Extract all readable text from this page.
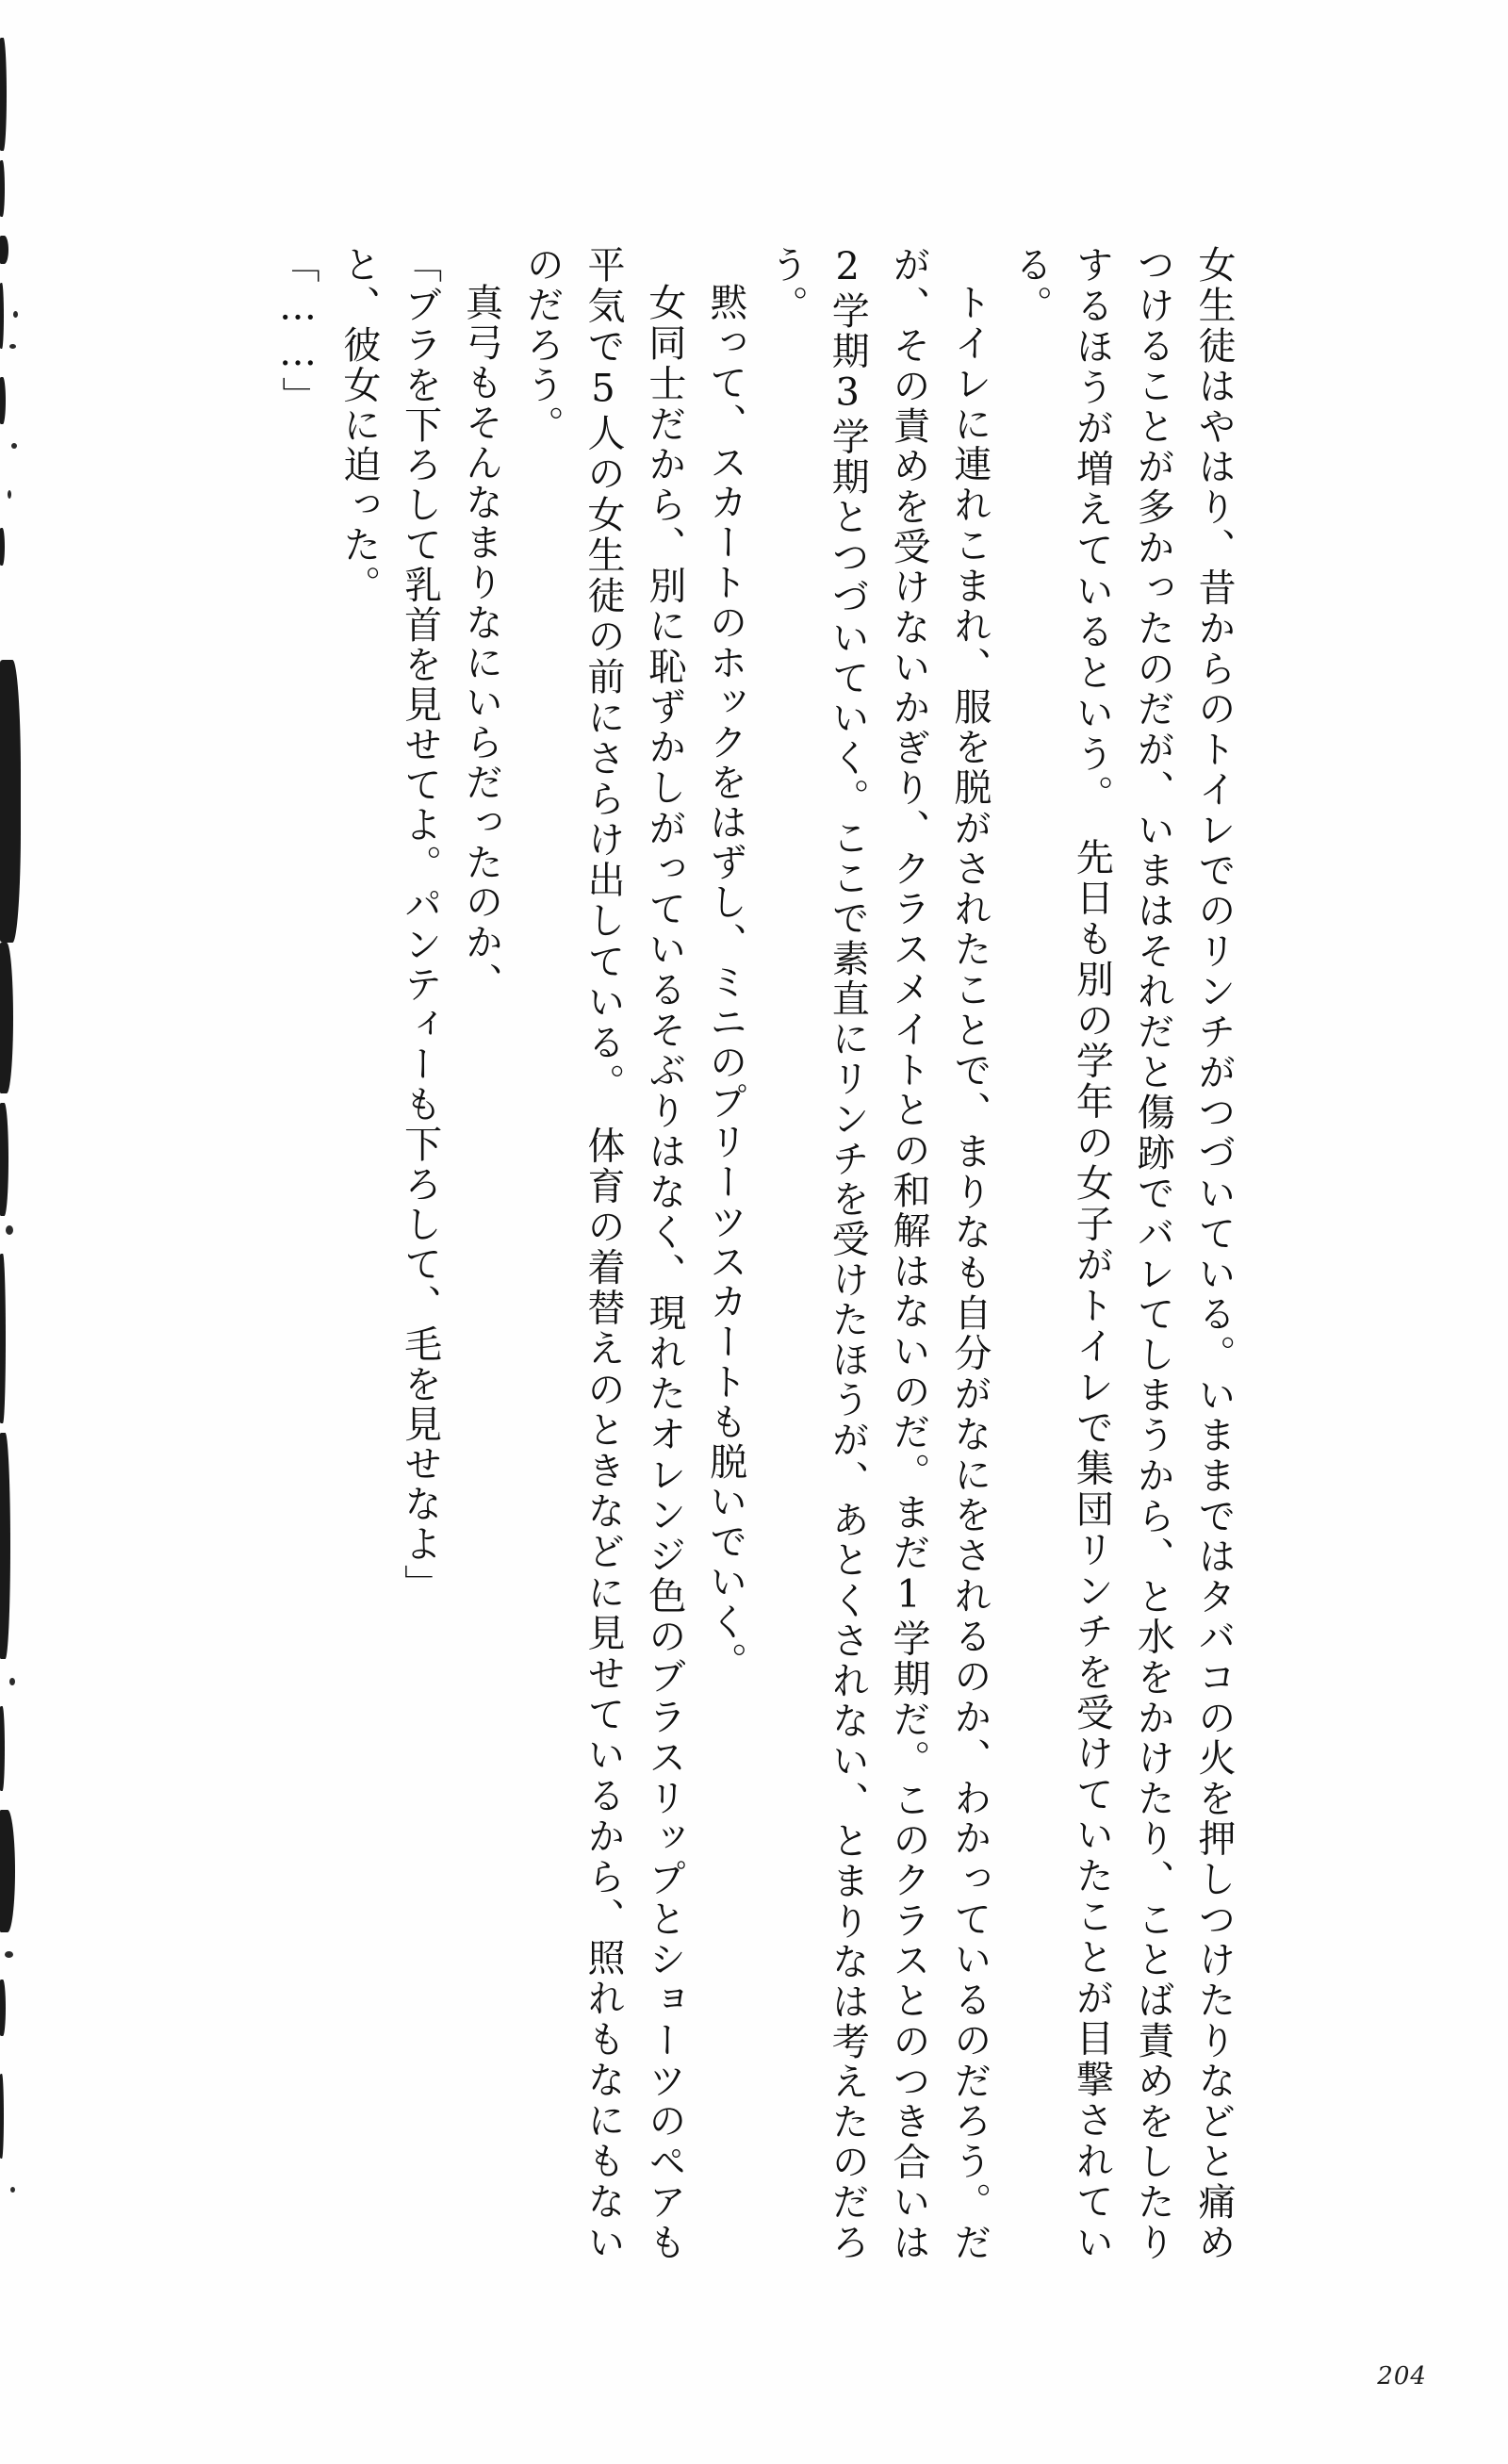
女生徒はやはり、昔からのトイレでのリンチがつづいている。いままではタバコの火を押しつけたりなどと痛めつけることが多かったのだが、いまはそれだと傷跡でバレてしまうから、と水をかけたり、ことば責めをしたりするほうが増えているという。　先日も別の学年の女子がトイレで集団リンチを受けていたことが目撃されている。

トイレに連れこまれ、服を脱がされたことで、まりなも自分がなにをされるのか、わかっているのだろう。だが、その責めを受けないかぎり、クラスメイトとの和解はないのだ。まだ1学期だ。このクラスとのつき合いは2学期3学期とつづいていく。ここで素直にリンチを受けたほうが、あとくされない、とまりなは考えたのだろう。

黙って、スカートのホックをはずし、ミニのプリーツスカートも脱いでいく。

女同士だから、別に恥ずかしがっているそぶりはなく、現れたオレンジ色のブラスリップとショーツのペアも平気で5人の女生徒の前にさらけ出している。　体育の着替えのときなどに見せているから、照れもなにもないのだろう。

真弓もそんなまりなにいらだったのか、

「ブラを下ろして乳首を見せてよ。パンティーも下ろして、毛を見せなよ」

と、彼女に迫った。

「……」

204
